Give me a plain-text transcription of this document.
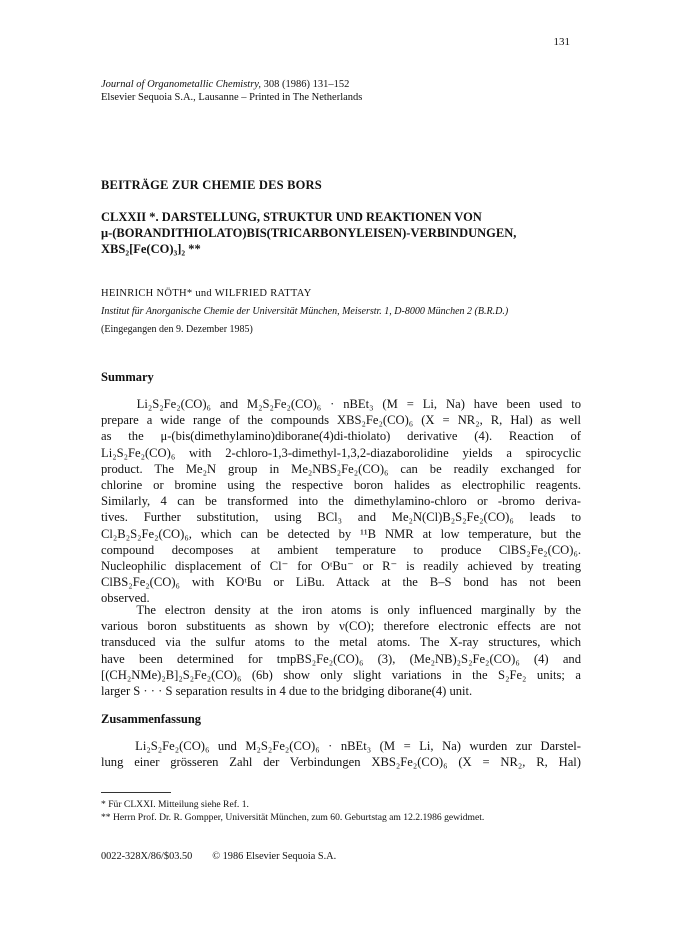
131
Journal of Organometallic Chemistry, 308 (1986) 131–152
Elsevier Sequoia S.A., Lausanne – Printed in The Netherlands
BEITRÄGE ZUR CHEMIE DES BORS
CLXXII *. DARSTELLUNG, STRUKTUR UND REAKTIONEN VON
μ-(BORANDITHIOLATO)BIS(TRICARBONYLEISEN)-VERBINDUNGEN,
XBS₂[Fe(CO)₃]₂ **
HEINRICH NÖTH* und WILFRIED RATTAY
Institut für Anorganische Chemie der Universität München, Meiserstr. 1, D-8000 München 2 (B.R.D.)
(Eingegangen den 9. Dezember 1985)
Summary
Li₂S₂Fe₂(CO)₆ and M₂S₂Fe₂(CO)₆ · nBEt₃ (M = Li, Na) have been used to
prepare a wide range of the compounds XBS₂Fe₂(CO)₆ (X = NR₂, R, Hal) as well
as the μ-(bis(dimethylamino)diborane(4)di-thiolato) derivative (4). Reaction of
Li₂S₂Fe₂(CO)₆ with 2-chloro-1,3-dimethyl-1,3,2-diazaborolidine yields a spirocyclic
product. The Me₂N group in Me₂NBS₂Fe₂(CO)₆ can be readily exchanged for
chlorine or bromine using the respective boron halides as electrophilic reagents.
Similarly, 4 can be transformed into the dimethylamino-chloro or -bromo deriva-
tives. Further substitution, using BCl₃ and Me₂N(Cl)B₂S₂Fe₂(CO)₆ leads to
Cl₂B₂S₂Fe₂(CO)₆, which can be detected by ¹¹B NMR at low temperature, but the
compound decomposes at ambient temperature to produce ClBS₂Fe₂(CO)₆.
Nucleophilic displacement of Cl⁻ for OᵗBu⁻ or R⁻ is readily achieved by treating
ClBS₂Fe₂(CO)₆ with KOᵗBu or LiBu. Attack at the B–S bond has not been
observed.
The electron density at the iron atoms is only influenced marginally by the
various boron substituents as shown by ν(CO); therefore electronic effects are not
transduced via the sulfur atoms to the metal atoms. The X-ray structures, which
have been determined for tmpBS₂Fe₂(CO)₆ (3), (Me₂NB)₂S₂Fe₂(CO)₆ (4) and
[(CH₂NMe)₂B]₂S₂Fe₂(CO)₆ (6b) show only slight variations in the S₂Fe₂ units; a
larger S · · · S separation results in 4 due to the bridging diborane(4) unit.
Zusammenfassung
Li₂S₂Fe₂(CO)₆ und M₂S₂Fe₂(CO)₆ · nBEt₃ (M = Li, Na) wurden zur Darstel-
lung einer grösseren Zahl der Verbindungen XBS₂Fe₂(CO)₆ (X = NR₂, R, Hal)
* Für CLXXI. Mitteilung siehe Ref. 1.
** Herrn Prof. Dr. R. Gompper, Universität München, zum 60. Geburtstag am 12.2.1986 gewidmet.
0022-328X/86/$03.50 © 1986 Elsevier Sequoia S.A.
